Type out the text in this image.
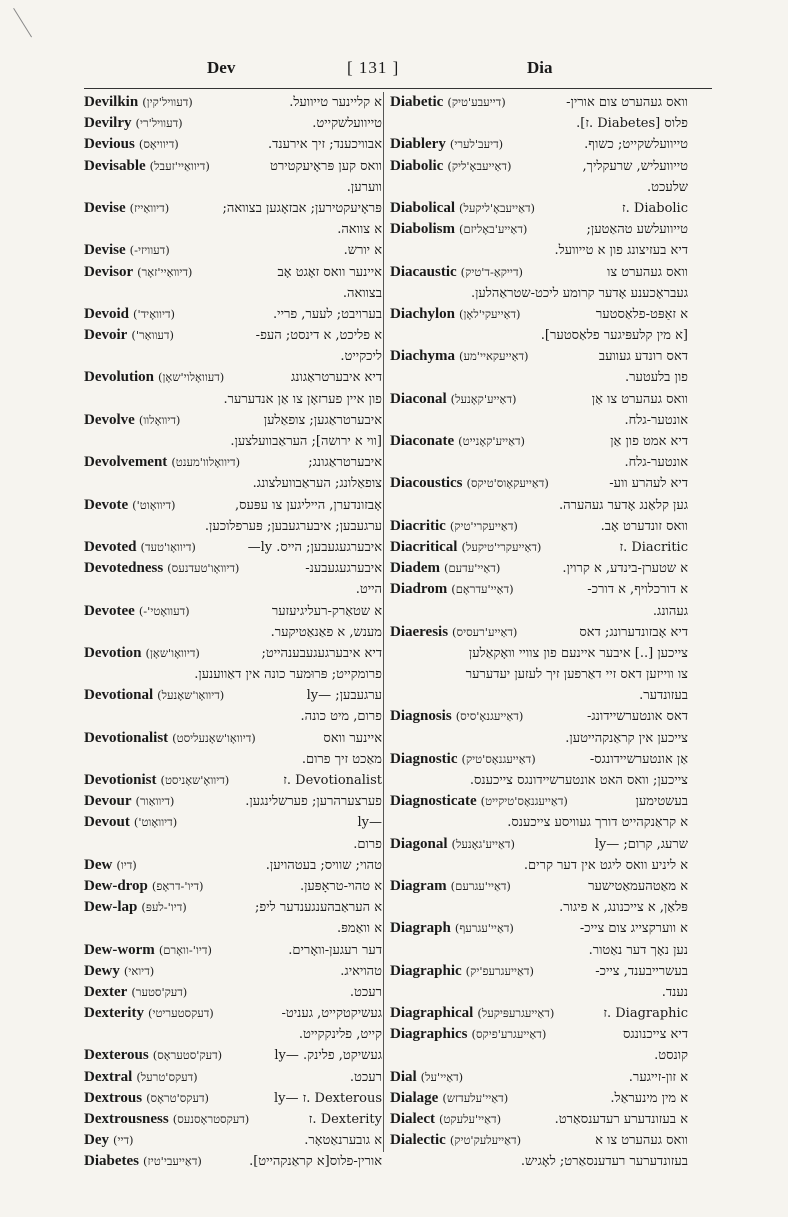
Dev	[ 131 ]	Dia
Devilkin (דעוויל'קין)	א קליינער טייוועל.
Devilry (דעוויל'רי)	טייוועלשקייט.
Devious (דיוויאָס)	אבוויכענד; זיך אירענד.
Devisable (דיוואַיי'זעבל)	וואס קען פּראָיעקטירט
ווערען.
Devise (דיוואַייז)	פּראָיעקטירען; אבזאָגען בצוואה;
א צוואה.
Devise (דעוויזי-)	א יורש.
Devisor (דיוואַיי'זאָר)	איינער וואס זאָגט אָב
בצוואה.
Devoid (דיוואָיד')	בערויבט; לעער, פריי.
Devoir (דעוואַר')	א פליכט, א דינסט; העפ-
ליכקייט.
Devolution (דעוואָלוי'שאָן)	דיא איבערטראַגונג
פון איין פערזאָן צו אַן אנדערער.
Devolve (דיוואָלוו)	איבערטראַגען; צופאַלען
[ווי א ירושה]; העראַבוועלצען.
Devolvement (דיוואָלוו'מענט)	איבערטראַגונג;
צופאַלונג; העראַבוועלצונג.
Devote (דיוואָוט')	אָבזונדערן, הייליגען צו עפּעס,
ערגעבען; איבערגעבען; פּערפלוכען.
Devoted (דיוואָו'טעד)	איבערגעגעבען; הייס. ly—
Devotedness (דיוואָו'טעדנעס)	איבערגעגעבענ-
הייט.
Devotee (דעוואָטי'-)	א שטאַרק-רעליגיעזער
מענש, א פאַנאַטיקער.
Devotion (דיוואָו'שאָן)	דיא איבערגעגעבענהייט;
פרומקייט; פּרוּמער כונה אין דאַווענען.
Devotional (דיוואָו'שאָנעל)	ערגעבען; —ly
פרום, מיט כונה.
Devotionalist (דיוואָו'שאָנעליסט)	איינער וואס
מאַכט זיך פרום.
Devotionist (דיוואָ'שאָניסט)	Devotionalist .ז
Devour (דיוואַור)	פערצערהרען; פערשלינגען.
Devout (דיוואָוט')	—ly
פרום.
Dew (דיו)	טהוי; שוויס; בעטהויען.
Dew-drop (דיו'-דראָפ)	א טהוי-טראָפּען.
Dew-lap (דיו'-לעפּ)	א העראַבהענגענדער ליפ;
א וואַמפּ.
Dew-worm (דיו'-וואָרם)	דער רעגען-וואָרים.
Dewy (דיואי)	טהויאיג.
Dexter (דעק'סטער)	רעכט.
Dexterity (דעקסטעריטי)	געשיקטקייט, געניט-
קייט, פלינקקייט.
Dexterous (דעק'סטעראָס)	געשיקט, פלינק. —ly
Dextral (דעקס'טרעל)	רעכט.
Dextrous (דעקס'טראָס)	Dexterous .ז —ly
Dextrousness (דעקסטראָסנעס)	Dexterity .ז
Dey (דיי)	א גובערנאַטאָר.
Diabetes (דאַייעבי'טיז)	אורין-פלוס[א קראַנקהייט].
Diabetic (דייעבע'טיק)	וואס געהערט צום אורין-
פלוס [Diabetes .ז].
Diablery (דיעב'לערי)	טייוועלשקייט; כשוף.
Diabolic (דאַייעבאָ'ליק)	טייוועליש, שרעקליך,
שלעכט.
Diabolical (דאַייעבאָ'ליקעל)	Diabolic .ז
Diabolism (דאַייע'באָליזם)	טייוועלשע טהאַטען;
דיא בעזיצונג פון א טייוועל.
Diacaustic (דייקאַ-ד'טיק)	וואס געהערט צו
געבראָכענע אָדער קרומע ליכט-שטראַהלען.
Diachylon (דאַייעקי'לאָן)	א זאַפּט-פלאַסטער
[א מין קלעפּיגער פלאַסטער].
Diachyma (דאַייעקאיי'מע)	דאס רונדע געוועב
פון בלעטער.
Diaconal (דאַייע'קאָנעל)	וואס געהערט צו אַן
אונטער-גלח.
Diaconate (דאַייע'קאָנייט)	דיא אמט פון אַן
אונטער-גלח.
Diacoustics (דאַייעקאָוס'טיקס)	דיא לעהרע ווע-
גען קלאַנג אָדער געהערה.
Diacritic (דאַייעקרי'טיק)	וואס זונדערט אָב.
Diacritical (דאַייעקרי'טיקעל)	Diacritic .ז
Diadem (דאַיי'עדעם)	א שטערן-בינדע, א קרוין.
Diadrom (דאַיי'עדראָם)	א דורכלויף, א דורכ-
געהונג.
Diaeresis (דאַייע'רעסיס)	דיא אָבזונדערונג; דאס
צייכען [..] איבער איינעם פון צוויי וואָקאַלען
צו ווייזען דאס זיי דאַרפען זיך לעזען יעדערער
בעזונדער.
Diagnosis (דאַייעגנאָ'סיס)	דאס אונטערשיידונג-
צייכען אין קראַנקהייטען.
Diagnostic (דאַייעגנאָס'טיק)	אַן אונטערשיידונגס-
צייכען; וואס האט אונטערשיידונגס צייכענס.
Diagnosticate (דאַייעגנאָס'טיקייט)	בעשטימען
א קראַנקהייט דורך געוויסע צייכענס.
Diagonal (דאַייע'גאָנעל)	שרעג, קרום; —ly
א ליניע וואס ליגט אין דער קרים.
Diagram (דאַיי'עגרעם)	א מאַטהעמאַטישער
פּלאַן, א צייכנונג, א פיגור.
Diagraph (דאַיי'עגרעף)	א ווערקצייג צום צייכ-
נען נאָך דער נאַטור.
Diagraphic (דאַייעגרעפ'יק)	בעשרייבענד, צייכ-
נענד.
Diagraphical (דאַייעגרעפּיקעל)	Diagraphic .ז
Diagraphics (דאַייעגרע'פיקס)	דיא צייכנונגס
קונסט.
Dial (דאַיי'על)	א זון-זייגער.
Dialage (דאַיי'עלעדזש)	א מין מינעראַל.
Dialect (דאַיי'עלעקט)	א בעזונדערע רעדענסאַרט.
Dialectic (דאַייעלעק'טיק)	וואס געהערט צו א
בעזונדערער רעדענסאַרט; לאָגיש.
